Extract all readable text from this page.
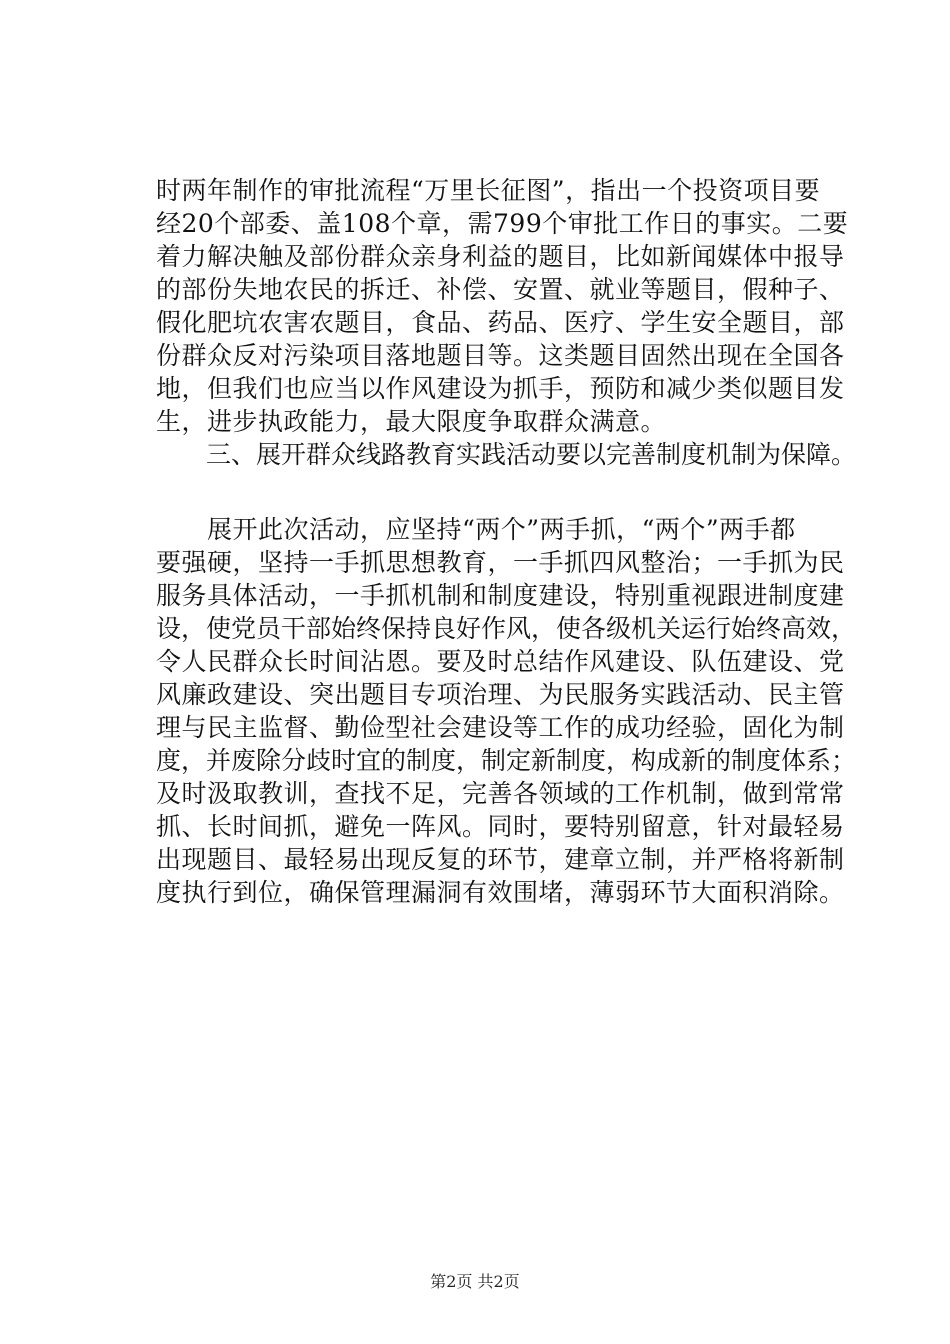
时两年制作的审批流程“万里长征图”，指出一个投资项目要
经20个部委、盖108个章，需799个审批工作日的事实。二要
着力解决触及部份群众亲身利益的题目，比如新闻媒体中报导
的部份失地农民的拆迁、补偿、安置、就业等题目，假种子、
假化肥坑农害农题目，食品、药品、医疗、学生安全题目，部
份群众反对污染项目落地题目等。这类题目固然出现在全国各
地，但我们也应当以作风建设为抓手，预防和减少类似题目发
生，进步执政能力，最大限度争取群众满意。
　　三、展开群众线路教育实践活动要以完善制度机制为保障。
　　展开此次活动，应坚持“两个”两手抓，“两个”两手都
要强硬，坚持一手抓思想教育，一手抓四风整治；一手抓为民
服务具体活动，一手抓机制和制度建设，特别重视跟进制度建
设，使党员干部始终保持良好作风，使各级机关运行始终高效，
令人民群众长时间沾恩。要及时总结作风建设、队伍建设、党
风廉政建设、突出题目专项治理、为民服务实践活动、民主管
理与民主监督、勤俭型社会建设等工作的成功经验，固化为制
度，并废除分歧时宜的制度，制定新制度，构成新的制度体系；
及时汲取教训，查找不足，完善各领域的工作机制，做到常常
抓、长时间抓，避免一阵风。同时，要特别留意，针对最轻易
出现题目、最轻易出现反复的环节，建章立制，并严格将新制
度执行到位，确保管理漏洞有效围堵，薄弱环节大面积消除。
第2页 共2页
